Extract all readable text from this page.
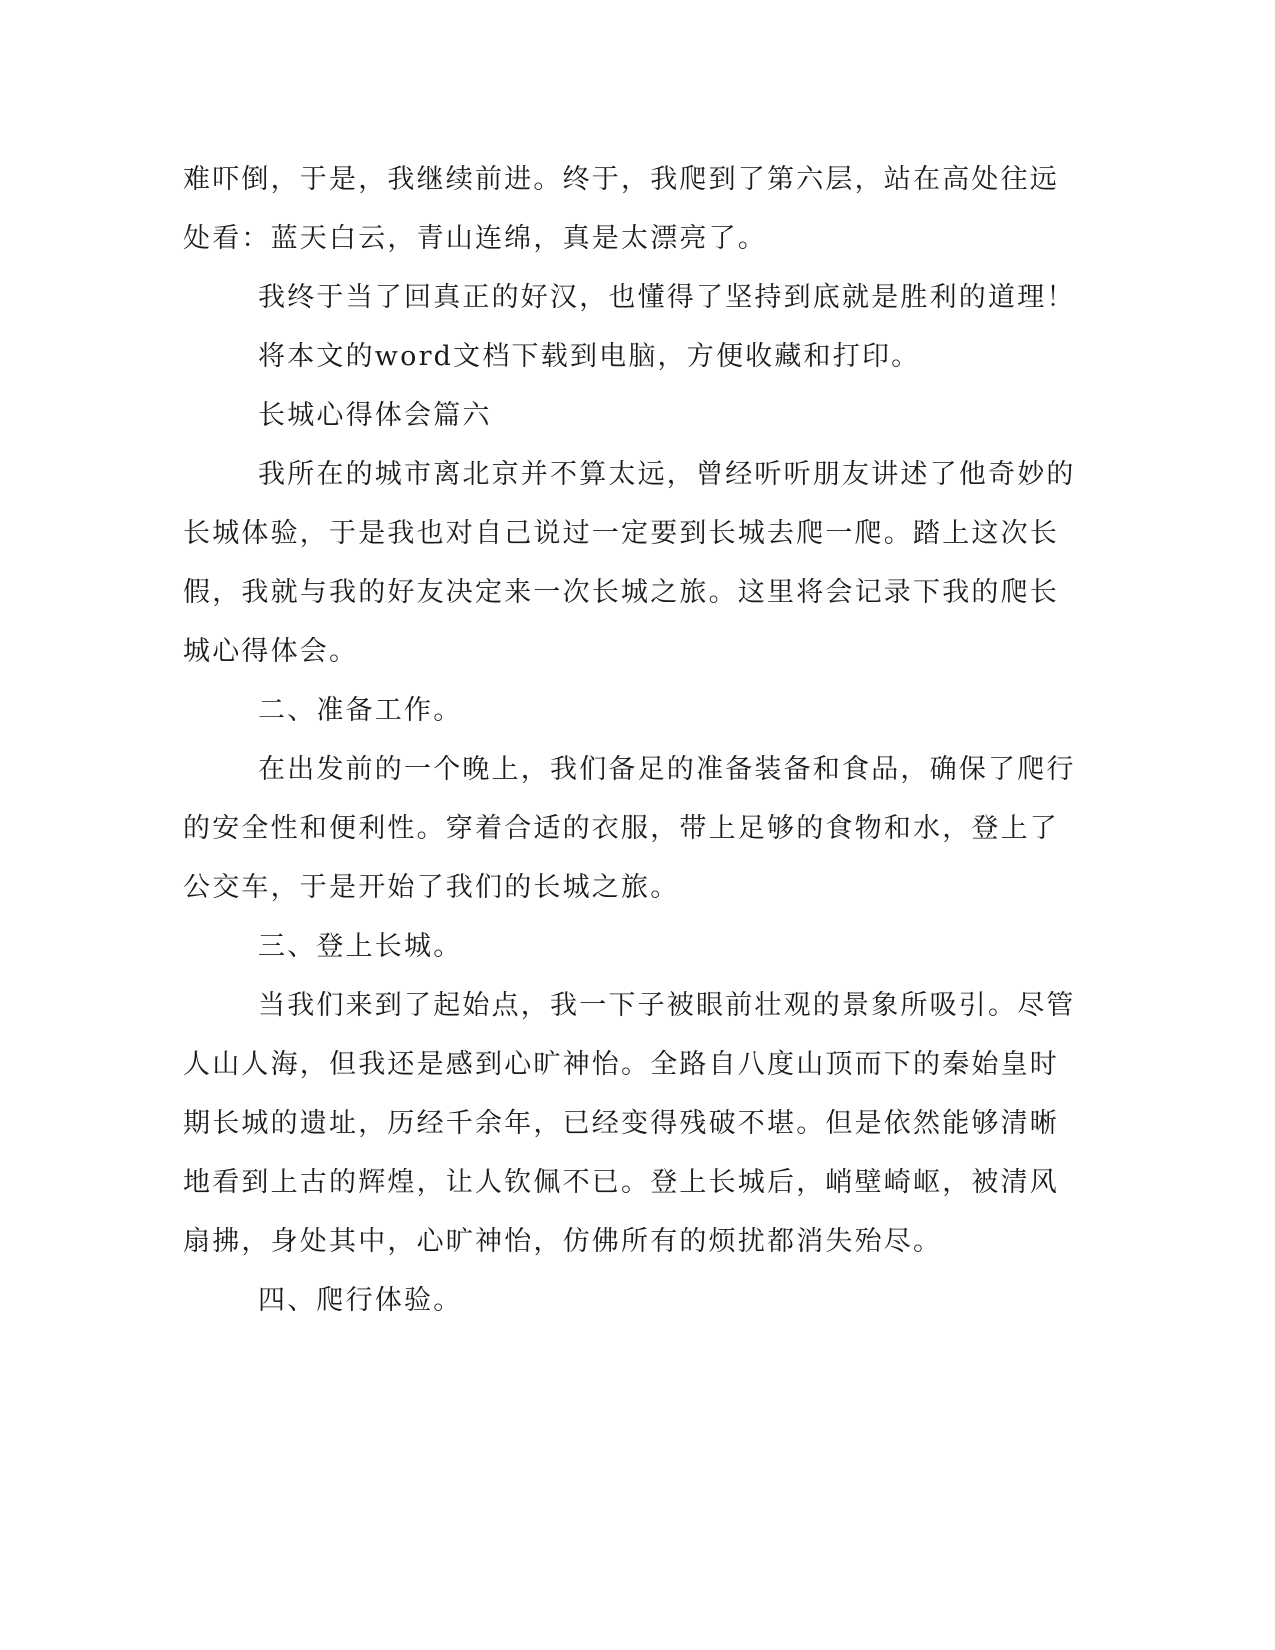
难吓倒，于是，我继续前进。终于，我爬到了第六层，站在高处往远
处看：蓝天白云，青山连绵，真是太漂亮了。
我终于当了回真正的好汉，也懂得了坚持到底就是胜利的道理！
将本文的word文档下载到电脑，方便收藏和打印。
长城心得体会篇六
我所在的城市离北京并不算太远，曾经听听朋友讲述了他奇妙的
长城体验，于是我也对自己说过一定要到长城去爬一爬。踏上这次长
假，我就与我的好友决定来一次长城之旅。这里将会记录下我的爬长
城心得体会。
二、准备工作。
在出发前的一个晚上，我们备足的准备装备和食品，确保了爬行
的安全性和便利性。穿着合适的衣服，带上足够的食物和水，登上了
公交车，于是开始了我们的长城之旅。
三、登上长城。
当我们来到了起始点，我一下子被眼前壮观的景象所吸引。尽管
人山人海，但我还是感到心旷神怡。全路自八度山顶而下的秦始皇时
期长城的遗址，历经千余年，已经变得残破不堪。但是依然能够清晰
地看到上古的辉煌，让人钦佩不已。登上长城后，峭壁崎岖，被清风
扇拂，身处其中，心旷神怡，仿佛所有的烦扰都消失殆尽。
四、爬行体验。
